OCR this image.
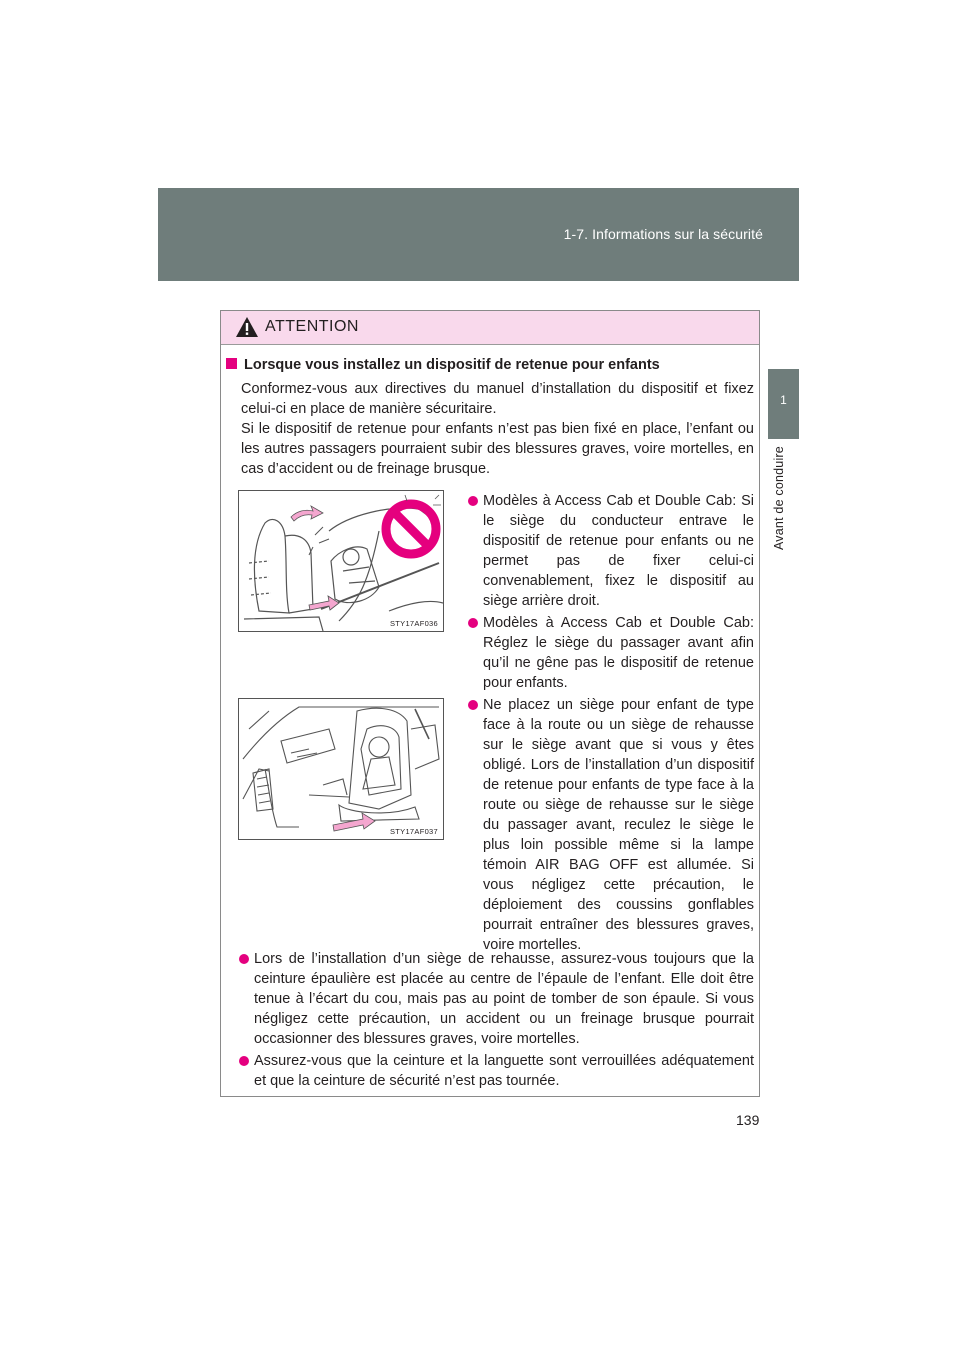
1-7. Informations sur la sécurité
1
Avant de conduire
ATTENTION
Lorsque vous installez un dispositif de retenue pour enfants
Conformez-vous aux directives du manuel d’installation du dispositif et fixez celui-ci en place de manière sécuritaire.
Si le dispositif de retenue pour enfants n’est pas bien fixé en place, l’enfant ou les autres passagers pourraient subir des blessures graves, voire mortelles, en cas d’accident ou de freinage brusque.
STY17AF036
STY17AF037
Modèles à Access Cab et Double Cab: Si le siège du conducteur entrave le dispositif de retenue pour enfants ou ne permet pas de fixer celui-ci convenablement, fixez le dispositif au siège arrière droit.
Modèles à Access Cab et Double Cab: Réglez le siège du passager avant afin qu’il ne gêne pas le dispositif de retenue pour enfants.
Ne placez un siège pour enfant de type face à la route ou un siège de rehausse sur le siège avant que si vous y êtes obligé. Lors de l’installation d’un dispositif de retenue pour enfants de type face à la route ou siège de rehausse sur le siège du passager avant, reculez le siège le plus loin possible même si la lampe témoin AIR BAG OFF est allumée. Si vous négligez cette précaution, le déploiement des coussins gonflables pourrait entraîner des blessures graves, voire mortelles.
Lors de l’installation d’un siège de rehausse, assurez-vous toujours que la ceinture épaulière est placée au centre de l’épaule de l’enfant. Elle doit être tenue à l’écart du cou, mais pas au point de tomber de son épaule. Si vous négligez cette précaution, un accident ou un freinage brusque pourrait occasionner des blessures graves, voire mortelles.
Assurez-vous que la ceinture et la languette sont verrouillées adéquatement et que la ceinture de sécurité n’est pas tournée.
139
